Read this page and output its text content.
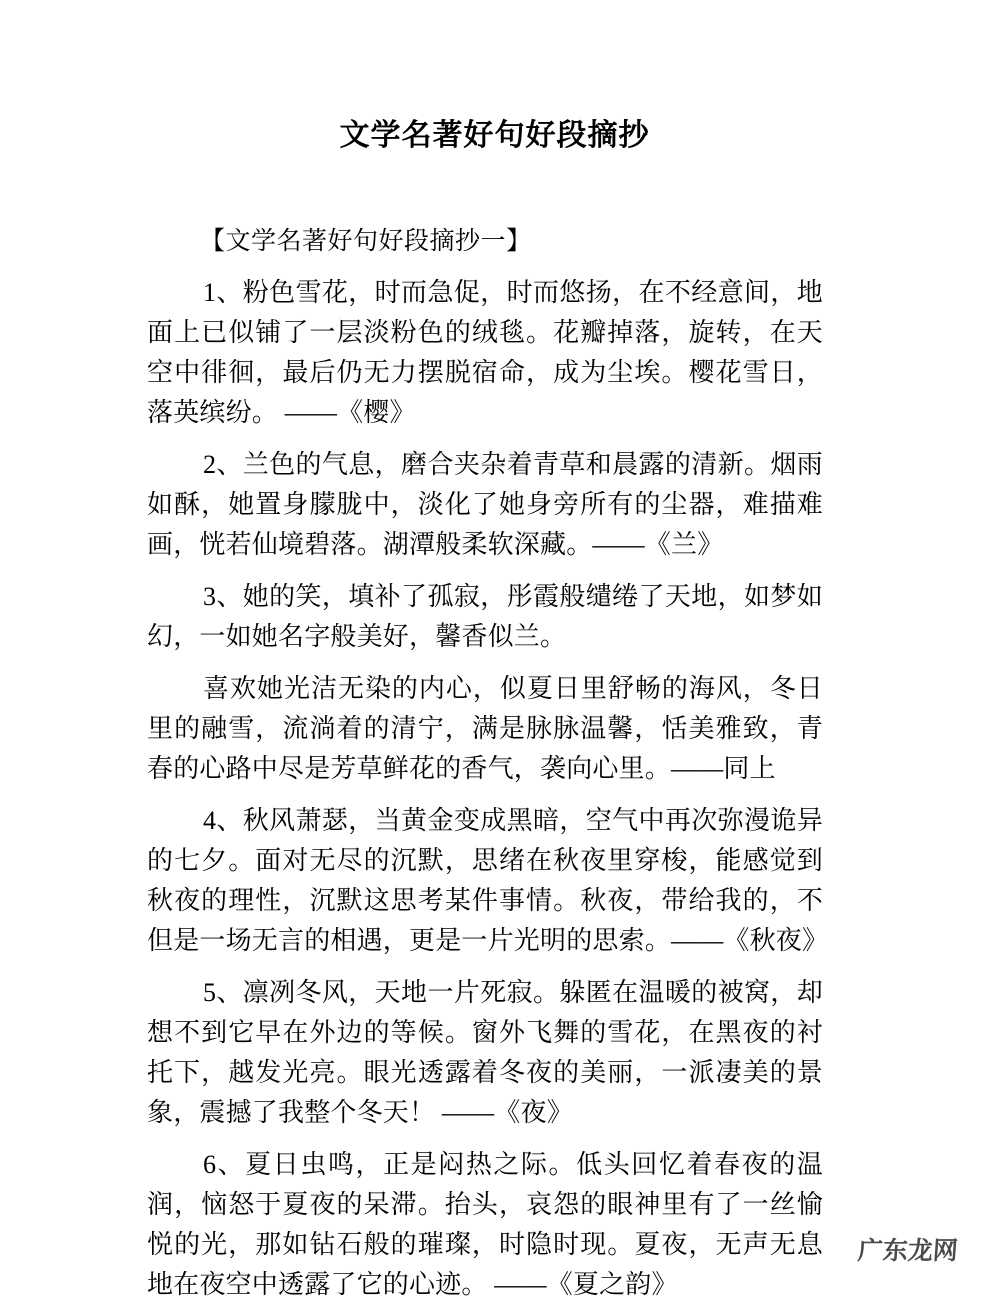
文学名著好句好段摘抄
【文学名著好句好段摘抄一】

1、粉色雪花，时而急促，时而悠扬，在不经意间，地面上已似铺了一层淡粉色的绒毯。花瓣掉落，旋转，在天空中徘徊，最后仍无力摆脱宿命，成为尘埃。樱花雪日，落英缤纷。 ——《樱》

2、兰色的气息，磨合夹杂着青草和晨露的清新。烟雨如酥，她置身朦胧中，淡化了她身旁所有的尘器，难描难画，恍若仙境碧落。湖潭般柔软深藏。——《兰》

3、她的笑，填补了孤寂，彤霞般缱绻了天地，如梦如幻，一如她名字般美好，馨香似兰。

喜欢她光洁无染的内心，似夏日里舒畅的海风，冬日里的融雪，流淌着的清宁，满是脉脉温馨，恬美雅致，青春的心路中尽是芳草鲜花的香气，袭向心里。——同上

4、秋风萧瑟，当黄金变成黑暗，空气中再次弥漫诡异的七夕。面对无尽的沉默，思绪在秋夜里穿梭，能感觉到秋夜的理性，沉默这思考某件事情。秋夜，带给我的，不但是一场无言的相遇，更是一片光明的思索。——《秋夜》

5、凛冽冬风，天地一片死寂。躲匿在温暖的被窝，却想不到它早在外边的等候。窗外飞舞的雪花，在黑夜的衬托下，越发光亮。眼光透露着冬夜的美丽，一派凄美的景象，震撼了我整个冬天！ ——《夜》

6、夏日虫鸣，正是闷热之际。低头回忆着春夜的温润，恼怒于夏夜的呆滞。抬头，哀怨的眼神里有了一丝愉悦的光，那如钻石般的璀璨，时隐时现。夏夜，无声无息地在夜空中透露了它的心迹。 ——《夏之韵》

广东龙网
